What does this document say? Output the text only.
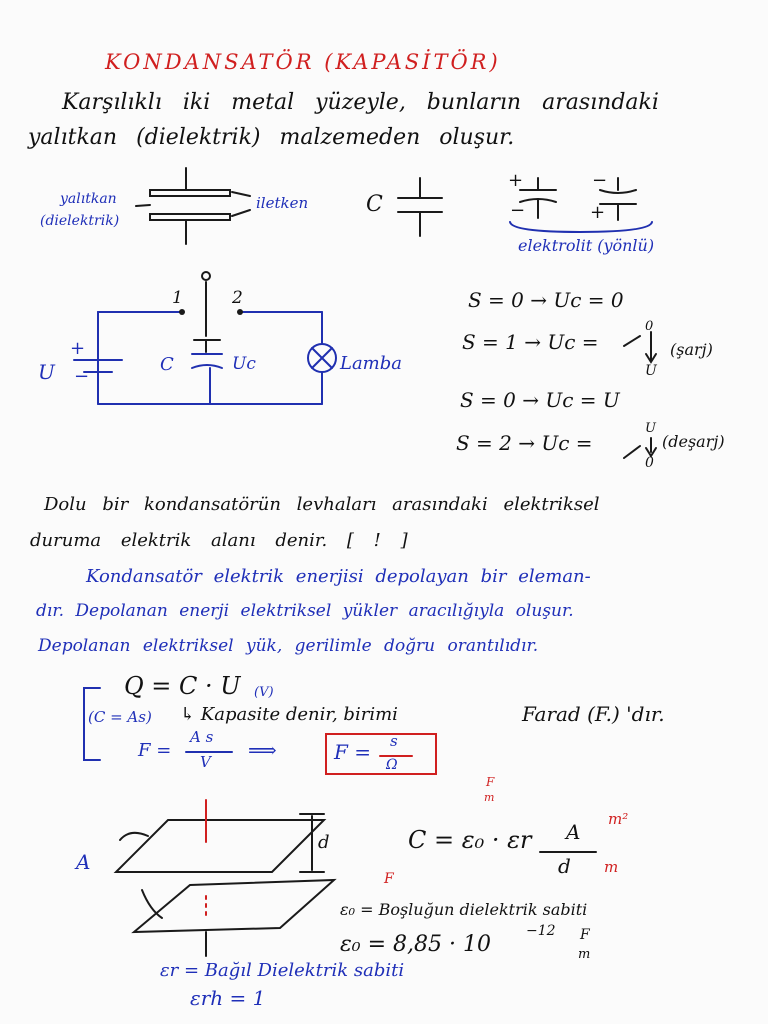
KONDANSATÖR (KAPASİTÖR)
Karşılıklı iki metal yüzeyle, bunların arasındaki
yalıtkan (dielektrik) malzemeden oluşur.
yalıtkan
(dielektrik)
iletken	C
+
−
−
+
elektrolit (yönlü)
1	2
U
+
−
C	Uc	Lamba
S = 0 → Uc = 0
S = 1 → Uc =
0
U
(şarj)
S = 0 → Uc = U
S = 2 → Uc =
U
0
(deşarj)
Dolu bir kondansatörün levhaları arasındaki elektriksel
duruma elektrik alanı denir. [ ! ]
Kondansatör elektrik enerjisi depolayan bir eleman-
dır. Depolanan enerji elektriksel yükler aracılığıyla oluşur.
Depolanan elektriksel yük, gerilimle doğru orantılıdır.
Q = C · U (V)
(C = As) ↳ Kapasite denir, birimi	Farad (F.) 'dır.
F =
A s
V ⟹	F = s
Ω
A
d	C = ε₀ · εr A
m²
d m
F
m
F
ε₀ = Boşluğun dielektrik sabiti
ε₀ = 8,85 · 10
−12 F
m
εr = Bağıl Dielektrik sabiti
εrh = 1
